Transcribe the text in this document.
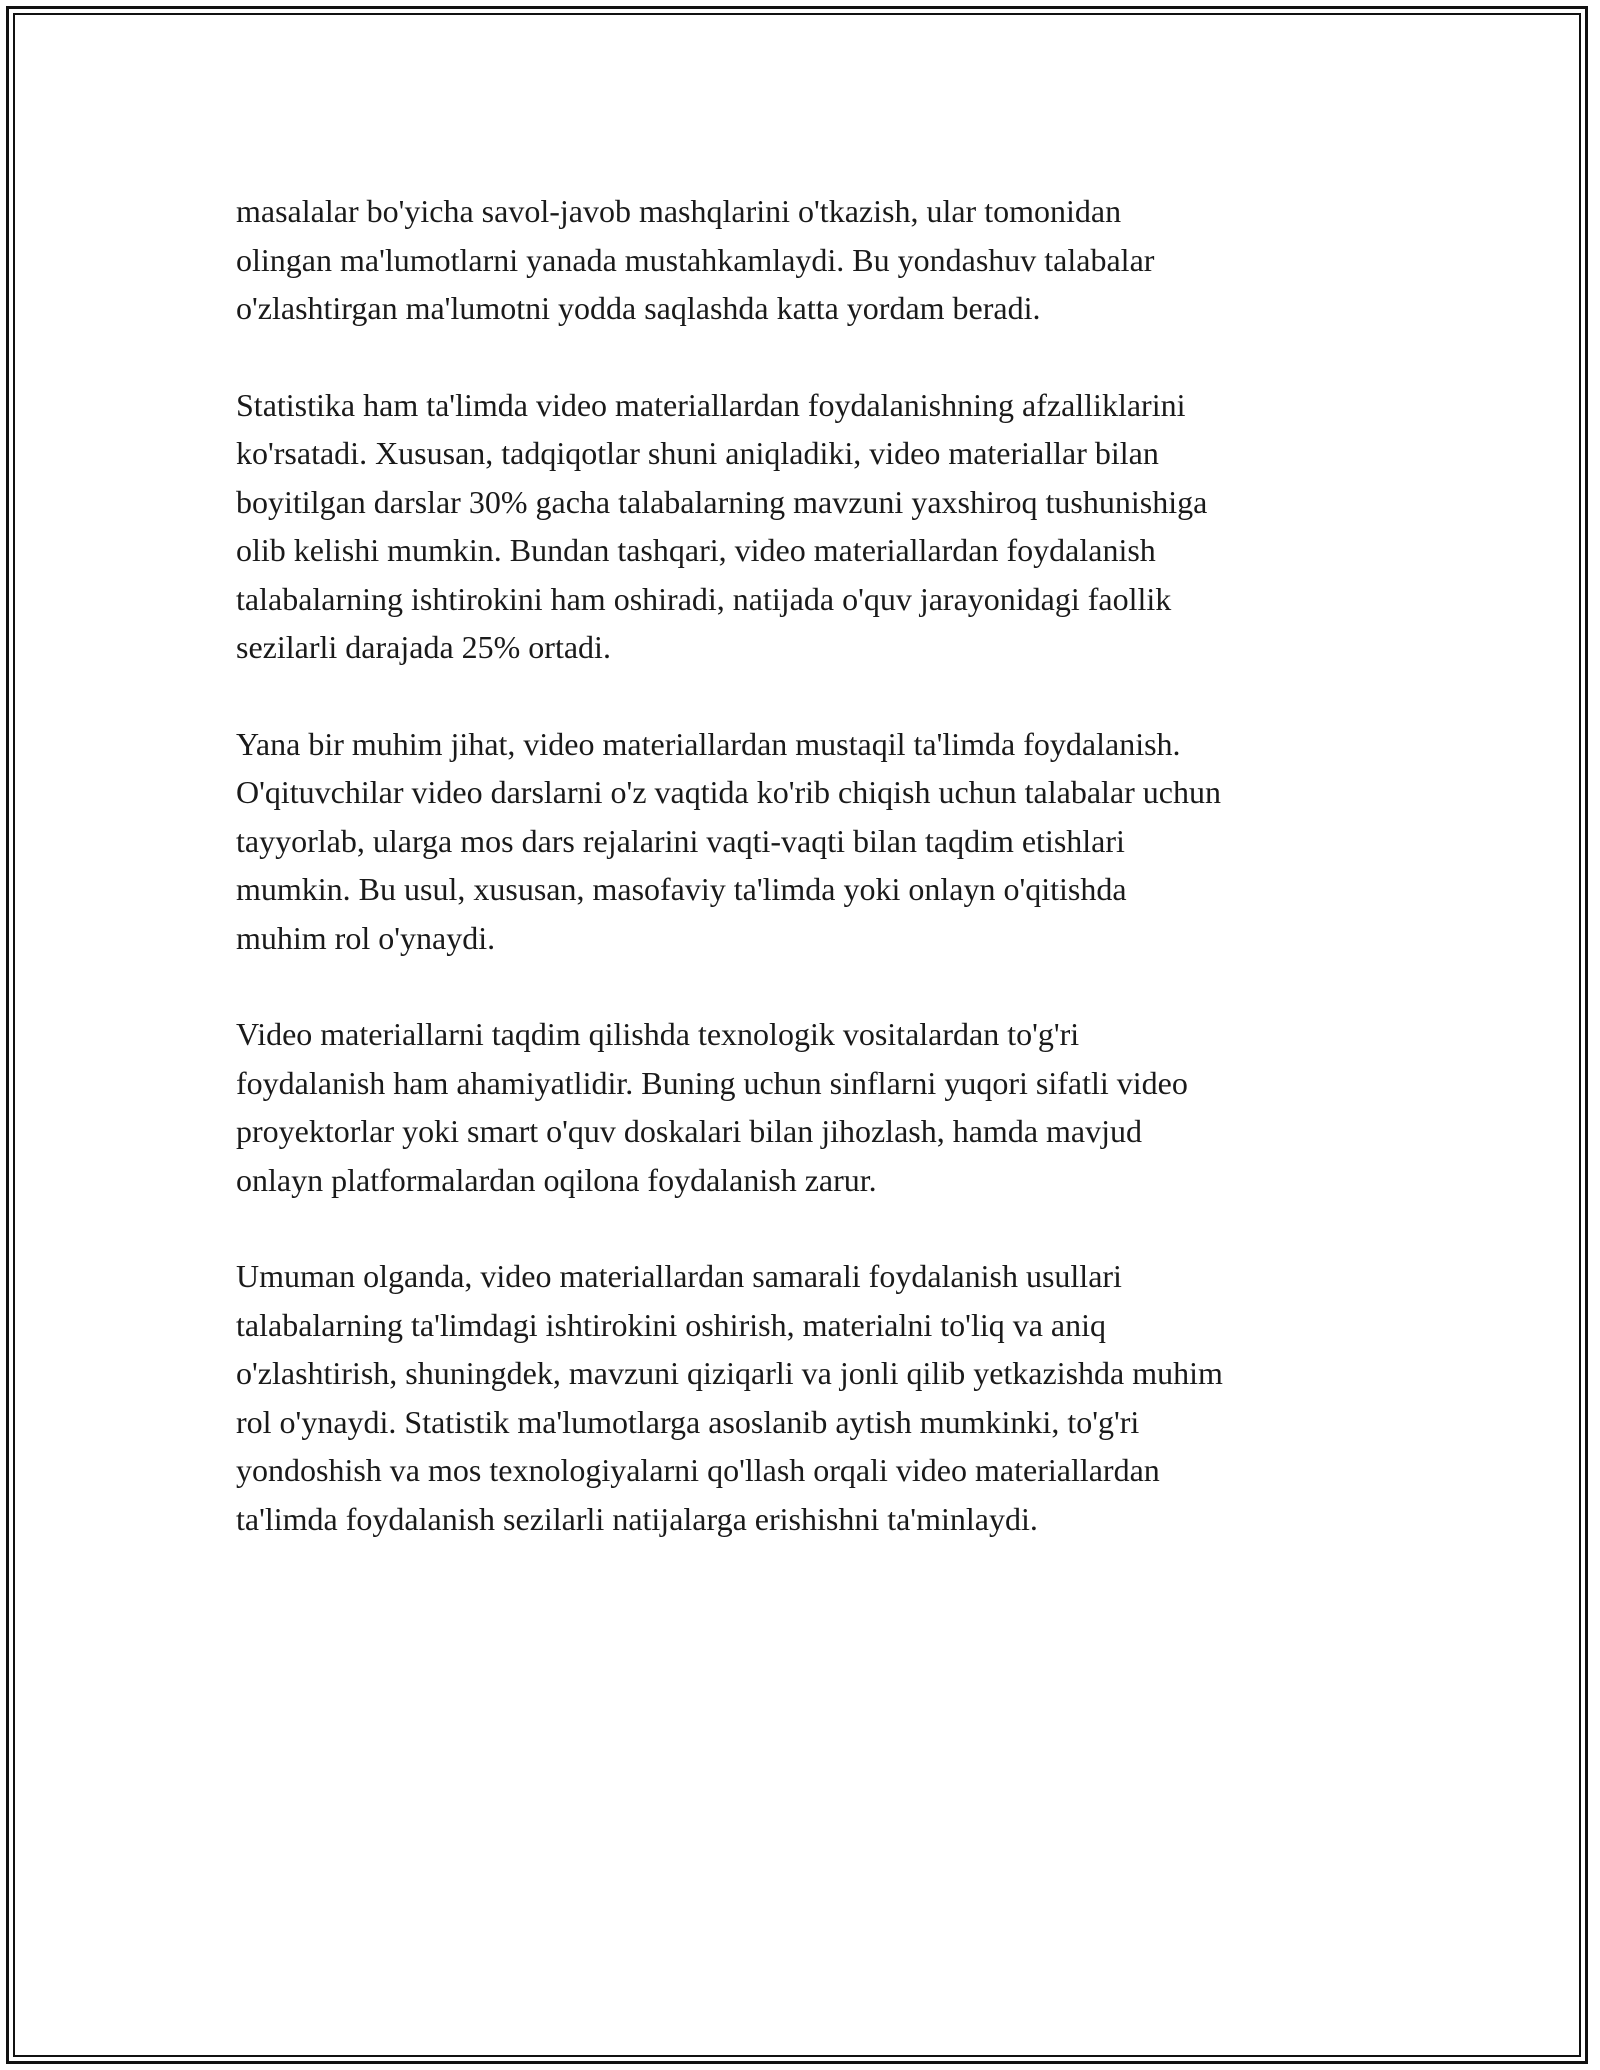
masalalar bo'yicha savol-javob mashqlarini o'tkazish, ular tomonidan
olingan ma'lumotlarni yanada mustahkamlaydi. Bu yondashuv talabalar
o'zlashtirgan ma'lumotni yodda saqlashda katta yordam beradi.

Statistika ham ta'limda video materiallardan foydalanishning afzalliklarini
ko'rsatadi. Xususan, tadqiqotlar shuni aniqladiki, video materiallar bilan
boyitilgan darslar 30% gacha talabalarning mavzuni yaxshiroq tushunishiga
olib kelishi mumkin. Bundan tashqari, video materiallardan foydalanish
talabalarning ishtirokini ham oshiradi, natijada o'quv jarayonidagi faollik
sezilarli darajada 25% ortadi.

Yana bir muhim jihat, video materiallardan mustaqil ta'limda foydalanish.
O'qituvchilar video darslarni o'z vaqtida ko'rib chiqish uchun talabalar uchun
tayyorlab, ularga mos dars rejalarini vaqti-vaqti bilan taqdim etishlari
mumkin. Bu usul, xususan, masofaviy ta'limda yoki onlayn o'qitishda
muhim rol o'ynaydi.

Video materiallarni taqdim qilishda texnologik vositalardan to'g'ri
foydalanish ham ahamiyatlidir. Buning uchun sinflarni yuqori sifatli video
proyektorlar yoki smart o'quv doskalari bilan jihozlash, hamda mavjud
onlayn platformalardan oqilona foydalanish zarur.

Umuman olganda, video materiallardan samarali foydalanish usullari
talabalarning ta'limdagi ishtirokini oshirish, materialni to'liq va aniq
o'zlashtirish, shuningdek, mavzuni qiziqarli va jonli qilib yetkazishda muhim
rol o'ynaydi. Statistik ma'lumotlarga asoslanib aytish mumkinki, to'g'ri
yondoshish va mos texnologiyalarni qo'llash orqali video materiallardan
ta'limda foydalanish sezilarli natijalarga erishishni ta'minlaydi.
